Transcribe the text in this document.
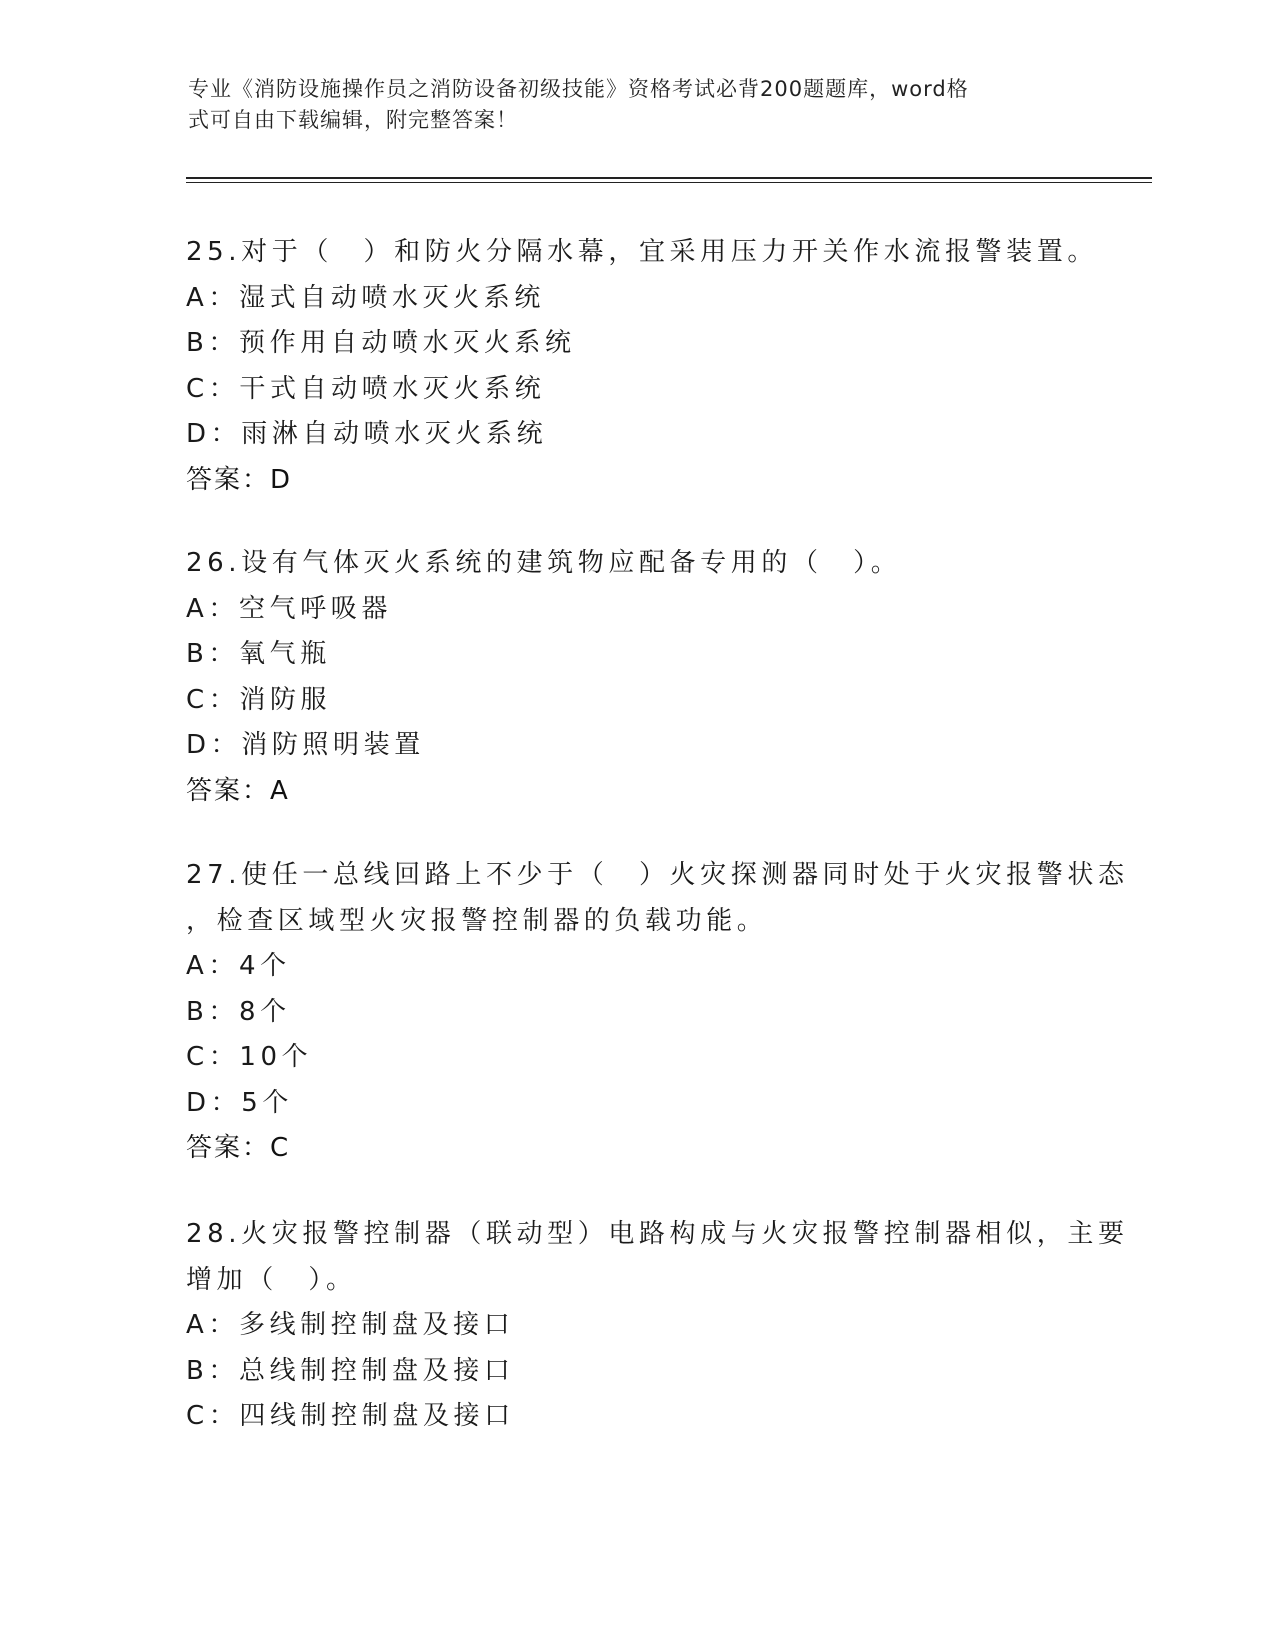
专业《消防设施操作员之消防设备初级技能》资格考试必背200题题库，word格
式可自由下载编辑，附完整答案！
25.对于（　）和防火分隔水幕，宜采用压力开关作水流报警装置。
A：湿式自动喷水灭火系统
B：预作用自动喷水灭火系统
C：干式自动喷水灭火系统
D：雨淋自动喷水灭火系统
答案：D
26.设有气体灭火系统的建筑物应配备专用的（　）。
A：空气呼吸器
B：氧气瓶
C：消防服
D：消防照明装置
答案：A
27.使任一总线回路上不少于（　）火灾探测器同时处于火灾报警状态
，检查区域型火灾报警控制器的负载功能。
A：4个
B：8个
C：10个
D：5个
答案：C
28.火灾报警控制器（联动型）电路构成与火灾报警控制器相似，主要
增加（　）。
A：多线制控制盘及接口
B：总线制控制盘及接口
C：四线制控制盘及接口
